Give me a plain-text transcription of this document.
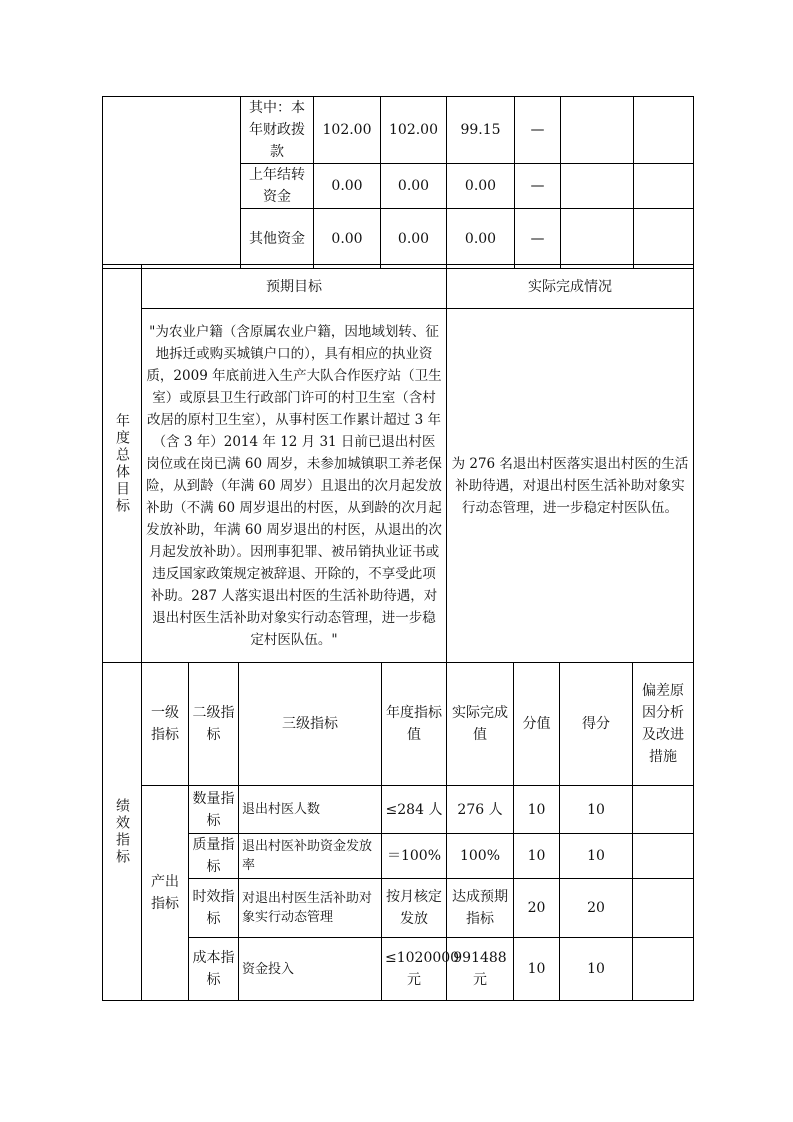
	其中：本年财政拨款	102.00	102.00	99.15	—		
	上年结转资金	0.00	0.00	0.00	—		
	其他资金	0.00	0.00	0.00	—		
年度总体目标	预期目标	实际完成情况
	"为农业户籍（含原属农业户籍，因地域划转、征地拆迁或购买城镇户口的），具有相应的执业资质，2009 年底前进入生产大队合作医疗站（卫生室）或原县卫生行政部门许可的村卫生室（含村改居的原村卫生室），从事村医工作累计超过 3 年（含 3 年）2014 年 12 月 31 日前已退出村医岗位或在岗已满 60 周岁，未参加城镇职工养老保险，从到龄（年满 60 周岁）且退出的次月起发放补助（不满 60 周岁退出的村医，从到龄的次月起发放补助，年满 60 周岁退出的村医，从退出的次月起发放补助）。因刑事犯罪、被吊销执业证书或违反国家政策规定被辞退、开除的，不享受此项补助。287 人落实退出村医的生活补助待遇，对退出村医生活补助对象实行动态管理，进一步稳定村医队伍。"	为 276 名退出村医落实退出村医的生活补助待遇，对退出村医生活补助对象实行动态管理，进一步稳定村医队伍。
绩效指标	一级指标	二级指标	三级指标	年度指标值	实际完成值	分值	得分	偏差原因分析及改进措施
	产出指标	数量指标	退出村医人数	≤284 人	276 人	10	10	
		质量指标	退出村医补助资金发放率	＝100%	100%	10	10	
		时效指标	对退出村医生活补助对象实行动态管理	按月核定发放	达成预期指标	20	20	
		成本指标	资金投入	≤1020000 元	991488 元	10	10	
